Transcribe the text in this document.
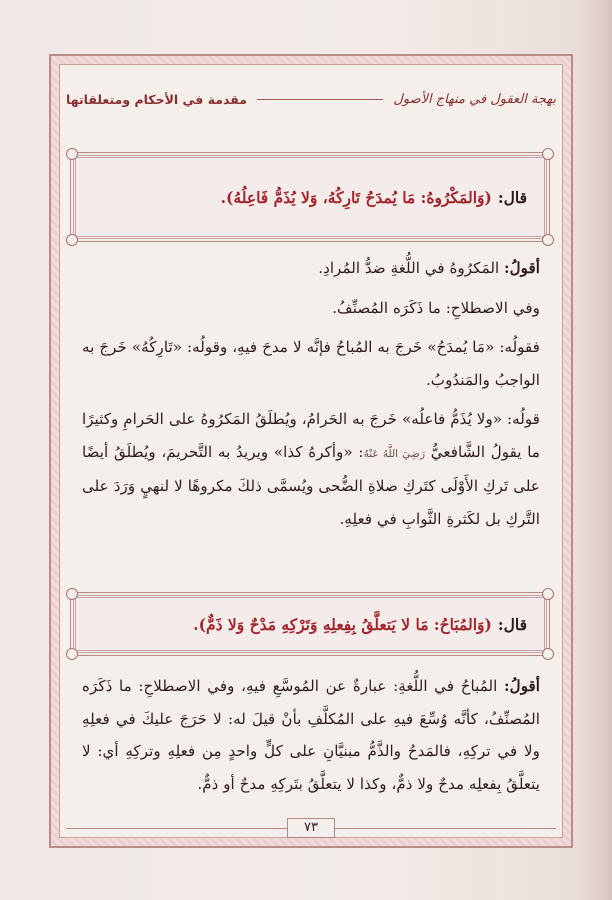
بهجة العقول في منهاج الأصول
مقدمة في الأحكام ومتعلقاتها
قال:
(وَالمَكْرُوهُ: مَا يُمدَحُ تَارِكُهُ، وَلا يُذَمُّ فَاعِلُهُ).

أقولُ: المَكرُوهُ في اللُّغةِ ضدُّ المُرادِ.

وفي الاصطلاحِ: ما ذَكَرَه المُصنِّفُ.

فقولُه: «مَا يُمدَحُ» خَرجَ به المُباحُ فإنَّه لا مدحَ فيهِ، وقولُه: «تَارِكُهُ» خَرجَ به الواجبُ والمَندُوبُ.

قولُه: «ولا يُذَمُّ فاعلُه» خَرجَ به الحَرامُ، ويُطلَقُ المَكرُوهُ على الحَرامِ وكثيرًا ما يقولُ الشَّافعيُّ رَضِيَ اللَّهُ عَنْهُ: «وأكرهُ كذا» ويريدُ به التَّحريمَ، ويُطلَقُ أيضًا على تَركِ الأَوْلَى كتَركِ صلاةِ الضُّحى ويُسمَّى ذلكَ مكروهًا لا لنهيٍ وَرَدَ على التَّركِ بل لكَثرةِ الثَّوابِ في فعلِهِ.

قال:
(وَالمُبَاحُ: مَا لا يَتعلَّقُ بِفِعلِهِ وَتَرْكِهِ مَدْحٌ وَلا ذَمٌّ).

أقولُ: المُباحُ في اللُّغةِ: عبارةٌ عن المُوسَّعِ فيهِ، وفي الاصطلاحِ: ما ذَكَرَه المُصنِّفُ، كأنَّه وُسِّعَ فيهِ على المُكلَّفِ بأنْ قيلَ له: لا حَرَجَ عليكَ في فعلِهِ ولا في تركِهِ، فالمَدحُ والذَّمُّ مبنيَّانِ على كلٍّ واحدٍ مِن فعلِهِ وتركِهِ أي: لا يتعلَّقُ بِفعلِه مدحٌ ولا ذمٌّ، وكذا لا يتعلَّقُ بتَركِهِ مدحٌ أو ذمٌّ.

٧٣
